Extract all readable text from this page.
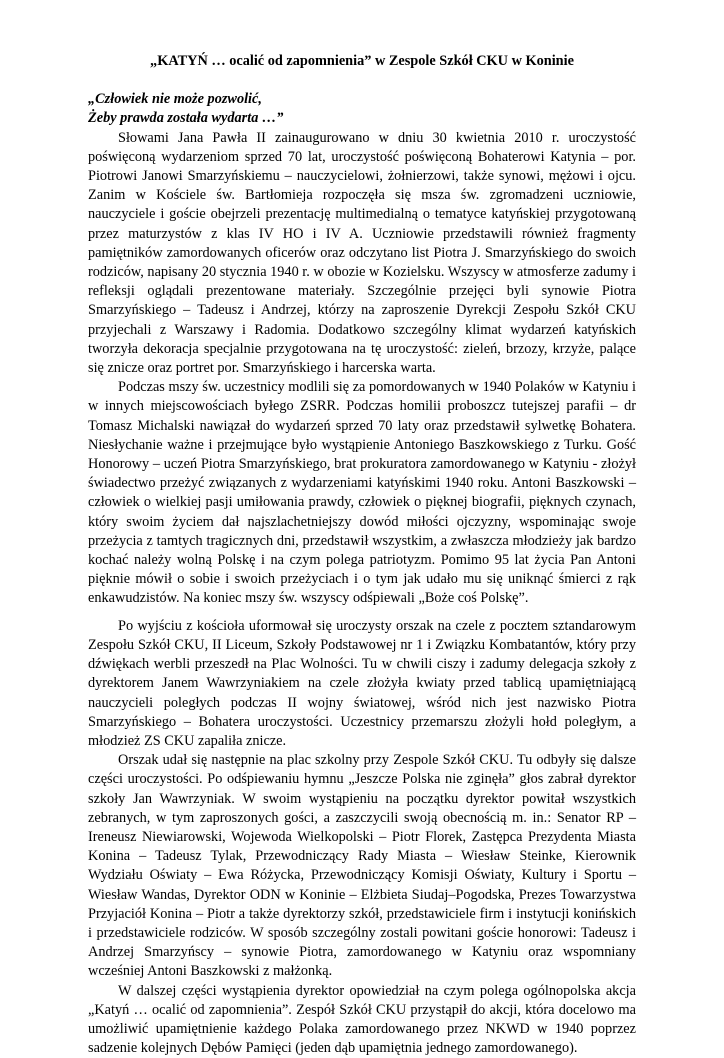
„KATYŃ … ocalić od zapomnienia” w Zespole Szkół CKU w Koninie
„Człowiek nie może pozwolić,
Żeby prawda została wydarta …”

Słowami Jana Pawła II zainaugurowano w dniu 30 kwietnia 2010 r. uroczystość poświęconą wydarzeniom sprzed 70 lat, uroczystość poświęconą Bohaterowi Katynia – por. Piotrowi Janowi Smarzyńskiemu – nauczycielowi, żołnierzowi, także synowi, mężowi i ojcu. Zanim w Kościele św. Bartłomieja rozpoczęła się msza św. zgromadzeni uczniowie, nauczyciele i goście obejrzeli prezentację multimedialną o tematyce katyńskiej przygotowaną przez maturzystów z klas IV HO i IV A. Uczniowie przedstawili również fragmenty pamiętników zamordowanych oficerów oraz odczytano list Piotra J. Smarzyńskiego do swoich rodziców, napisany 20 stycznia 1940 r. w obozie w Kozielsku. Wszyscy w atmosferze zadumy i refleksji oglądali prezentowane materiały. Szczególnie przejęci byli synowie Piotra Smarzyńskiego – Tadeusz i Andrzej, którzy na zaproszenie Dyrekcji Zespołu Szkół CKU przyjechali z Warszawy i Radomia. Dodatkowo szczególny klimat wydarzeń katyńskich tworzyła dekoracja specjalnie przygotowana na tę uroczystość: zieleń, brzozy, krzyże, palące się znicze oraz portret por. Smarzyńskiego i harcerska warta.

Podczas mszy św. uczestnicy modlili się za pomordowanych w 1940 Polaków w Katyniu i w innych miejscowościach byłego ZSRR. Podczas homilii proboszcz tutejszej parafii – dr Tomasz Michalski nawiązał do wydarzeń sprzed 70 laty oraz przedstawił sylwetkę Bohatera. Niesłychanie ważne i przejmujące było wystąpienie Antoniego Baszkowskiego z Turku. Gość Honorowy – uczeń Piotra Smarzyńskiego, brat prokuratora zamordowanego w Katyniu - złożył świadectwo przeżyć związanych z wydarzeniami katyńskimi 1940 roku. Antoni Baszkowski – człowiek o wielkiej pasji umiłowania prawdy, człowiek o pięknej biografii, pięknych czynach, który swoim życiem dał najszlachetniejszy dowód miłości ojczyzny, wspominając swoje przeżycia z tamtych tragicznych dni, przedstawił wszystkim, a zwłaszcza młodzieży jak bardzo kochać należy wolną Polskę i na czym polega patriotyzm. Pomimo 95 lat życia Pan Antoni pięknie mówił o sobie i swoich przeżyciach i o tym jak udało mu się uniknąć śmierci z rąk enkawudzistów. Na koniec mszy św. wszyscy odśpiewali „Boże coś Polskę”.

Po wyjściu z kościoła uformował się uroczysty orszak na czele z pocztem sztandarowym Zespołu Szkół CKU, II Liceum, Szkoły Podstawowej nr 1 i Związku Kombatantów, który przy dźwiękach werbli przeszedł na Plac Wolności. Tu w chwili ciszy i zadumy delegacja szkoły z dyrektorem Janem Wawrzyniakiem na czele złożyła kwiaty przed tablicą upamiętniającą nauczycieli poległych podczas II wojny światowej, wśród nich jest nazwisko Piotra Smarzyńskiego – Bohatera uroczystości. Uczestnicy przemarszu złożyli hołd poległym, a młodzież ZS CKU zapaliła znicze.

Orszak udał się następnie na plac szkolny przy Zespole Szkół CKU. Tu odbyły się dalsze części uroczystości. Po odśpiewaniu hymnu „Jeszcze Polska nie zginęła” głos zabrał dyrektor szkoły Jan Wawrzyniak. W swoim wystąpieniu na początku dyrektor powitał wszystkich zebranych, w tym zaproszonych gości, a zaszczycili swoją obecnością m. in.: Senator RP – Ireneusz Niewiarowski, Wojewoda Wielkopolski – Piotr Florek, Zastępca Prezydenta Miasta Konina – Tadeusz Tylak, Przewodniczący Rady Miasta – Wiesław Steinke, Kierownik Wydziału Oświaty – Ewa Różycka, Przewodniczący Komisji Oświaty, Kultury i Sportu – Wiesław Wandas, Dyrektor ODN w Koninie – Elżbieta Siudaj–Pogodska, Prezes Towarzystwa Przyjaciół Konina – Piotr a także dyrektorzy szkół, przedstawiciele firm i instytucji konińskich i przedstawiciele rodziców. W sposób szczególny zostali powitani goście honorowi: Tadeusz i Andrzej Smarzyńscy – synowie Piotra, zamordowanego w Katyniu oraz wspomniany wcześniej Antoni Baszkowski z małżonką.

W dalszej części wystąpienia dyrektor opowiedział na czym polega ogólnopolska akcja „Katyń … ocalić od zapomnienia”. Zespół Szkół CKU przystąpił do akcji, która docelowo ma umożliwić upamiętnienie każdego Polaka zamordowanego przez NKWD w 1940 poprzez sadzenie kolejnych Dębów Pamięci (jeden dąb upamiętnia jednego zamordowanego).
